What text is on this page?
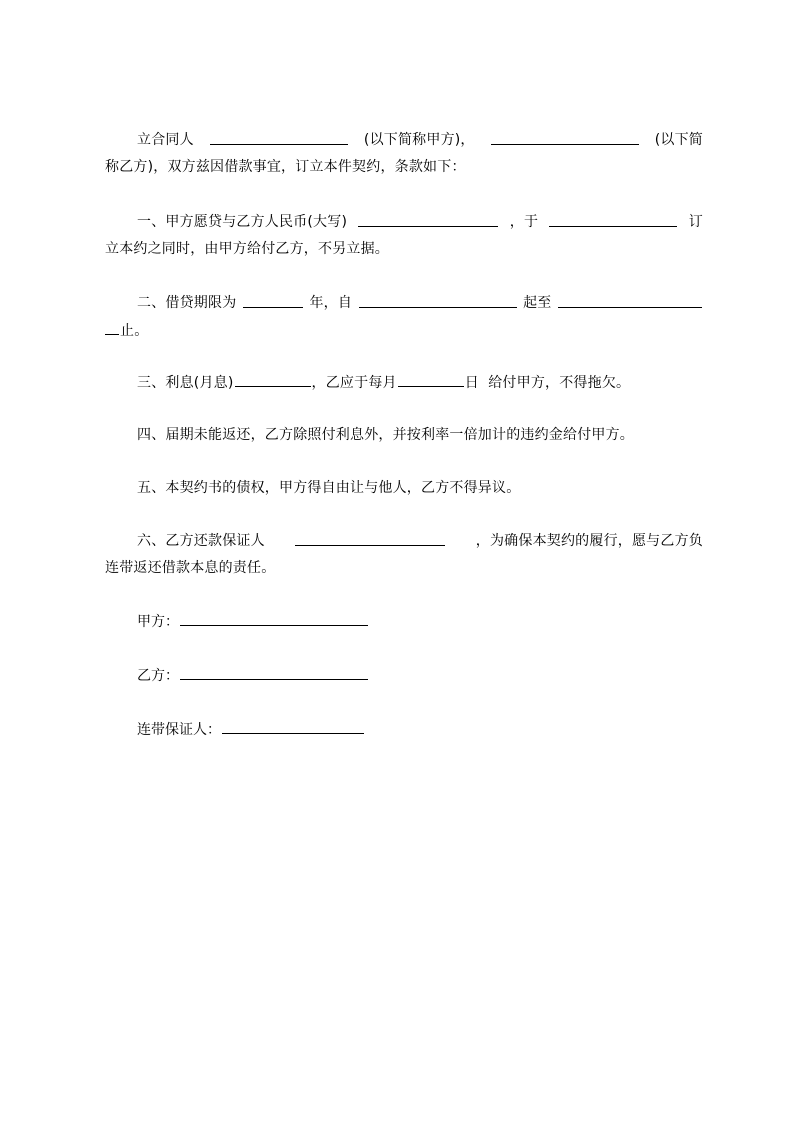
立合同人	(以下简称甲方)，	(以下简
称乙方)，双方兹因借款事宜，订立本件契约，条款如下：
一、甲方愿贷与乙方人民币(大写)	，于	订
立本约之同时，由甲方给付乙方，不另立据。
二、借贷期限为	年，自	起至
止。
三、利息(月息)	，乙应于每月	日  给付甲方，不得拖欠。
四、届期未能返还，乙方除照付利息外，并按利率一倍加计的违约金给付甲方。
五、本契约书的债权，甲方得自由让与他人，乙方不得异议。
六、乙方还款保证人	，为确保本契约的履行，愿与乙方负
连带返还借款本息的责任。
甲方：
乙方：
连带保证人：
